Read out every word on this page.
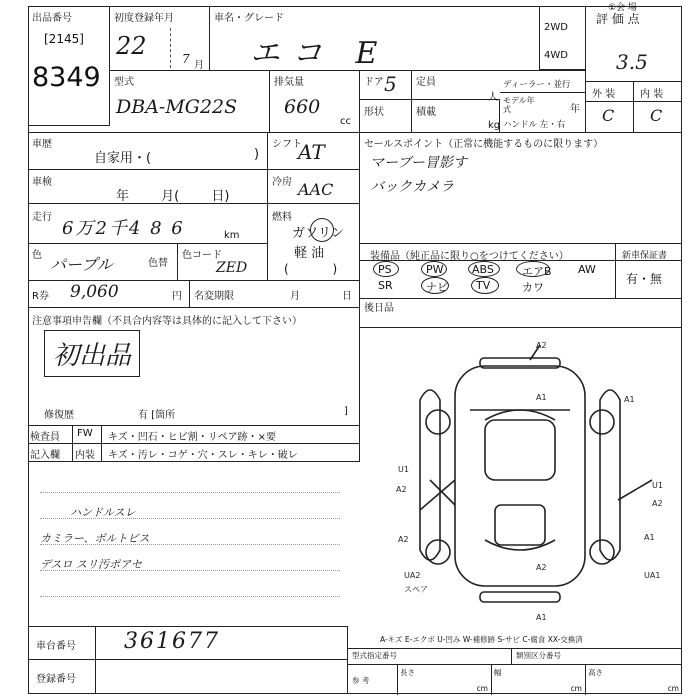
出品番号
[2145]
8349
初度登録年月
22	7 月
車名・グレード
エコ E
2WD
4WD
評 価 点
3.5
①会 場
外 装 内 装
C C
型式
DBA-MG22S
排気量
660
cc
ドア 5 定員
人
形状	積載
kg
ディーラー・並行
モデル年式	年
ハンドル 左・右
車歴
自家用・(	)
シフト
AT
車検
年 月( 日)
冷房 AAC
走行
6万2千4 8 6	km
燃料
ガソリン
軽 油
( )
色 パープル	色替
色コード
ZED
R券 9,060	円 名変期限	月	日
注意事項申告欄（不具合内容等は具体的に記入して下さい）
初出品
修復歴	有 [箇所	]
検査員	FW	キズ・凹石・ヒビ割・リペア跡・×要
記入欄	内装	キズ・汚レ・コゲ・穴・スレ・キレ・破レ
ハンドルスレ
カミラー、ボルトビス
デスロ スリ汚ポアセ
セールスポイント（正常に機能するものに限ります）
マーブー冒影す
バックカメラ
装備品（純正品に限り○をつけてください）
PS	PW	ABS	エアB AW
SR	ナビ	TV	カワ
新車保証書
有・無
後日品
A2
A1	A1
U1
A2
A2
U1
A2
A1
A2
UA2	UA1
A1
スペア
A-キズ E-エクボ U-凹み W-補修跡 S-サビ C-腐食 XX-交換済
車台番号	361677
登録番号
型式指定番号	類別区分番号
参 考
長さ
cm
幅
cm
高さ
cm
